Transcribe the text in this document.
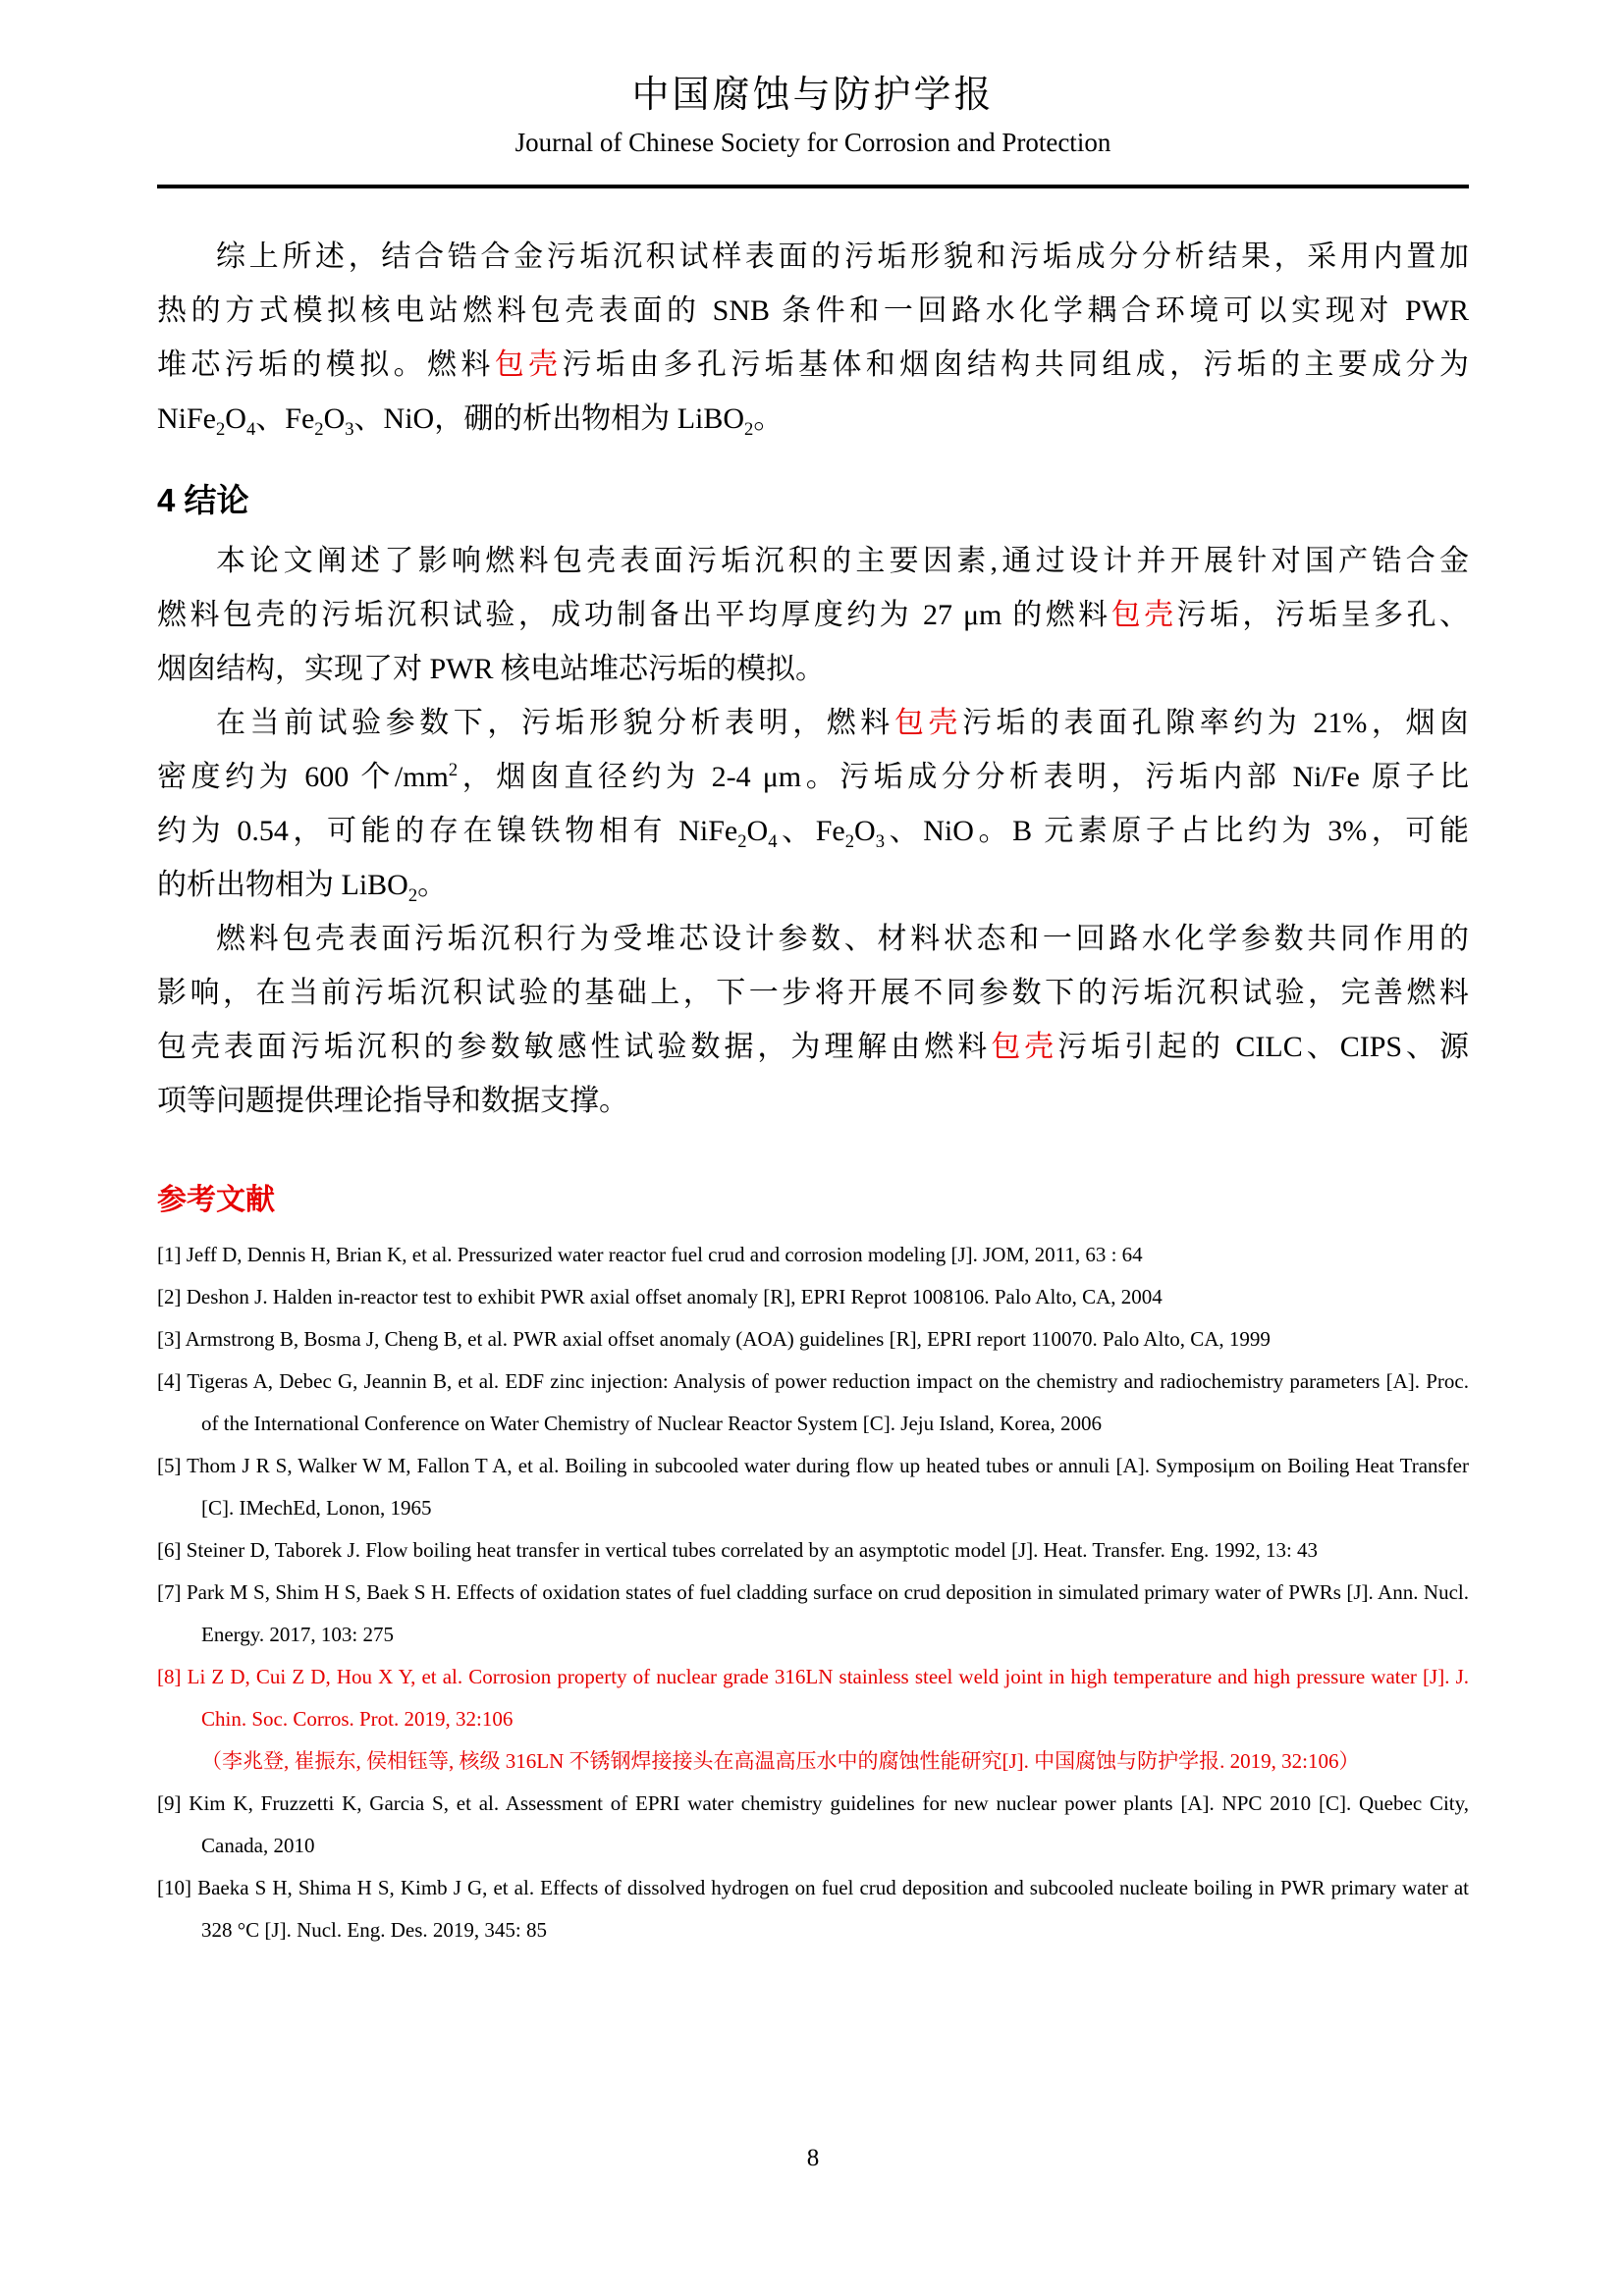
中国腐蚀与防护学报
Journal of Chinese Society for Corrosion and Protection
综上所述，结合锆合金污垢沉积试样表面的污垢形貌和污垢成分分析结果，采用内置加
热的方式模拟核电站燃料包壳表面的 SNB 条件和一回路水化学耦合环境可以实现对 PWR
堆芯污垢的模拟。燃料包壳污垢由多孔污垢基体和烟囱结构共同组成，污垢的主要成分为
$NiFe_2O_4$、$Fe_2O_3$、NiO，硼的析出物相为 LiBO$_2$。
4 结论
本论文阐述了影响燃料包壳表面污垢沉积的主要因素,通过设计并开展针对国产锆合金
燃料包壳的污垢沉积试验，成功制备出平均厚度约为 27 μm 的燃料包壳污垢，污垢呈多孔、
烟囱结构，实现了对 PWR 核电站堆芯污垢的模拟。
在当前试验参数下，污垢形貌分析表明，燃料包壳污垢的表面孔隙率约为 21%，烟囱
密度约为 600 个$/mm^2$，烟囱直径约为 2-4 μm。污垢成分分析表明，污垢内部 Ni/Fe 原子比
约为 0.54，可能的存在镍铁物相有 $NiFe_2O_4$、$Fe_2O_3$、NiO。B 元素原子占比约为 3%，可能
的析出物相为 LiBO$_2$。
燃料包壳表面污垢沉积行为受堆芯设计参数、材料状态和一回路水化学参数共同作用的
影响，在当前污垢沉积试验的基础上，下一步将开展不同参数下的污垢沉积试验，完善燃料
包壳表面污垢沉积的参数敏感性试验数据，为理解由燃料包壳污垢引起的 CILC、CIPS、源
项等问题提供理论指导和数据支撑。
参考文献
[1] Jeff D, Dennis H, Brian K, et al. Pressurized water reactor fuel crud and corrosion modeling [J]. JOM, 2011, 63 : 64
[2] Deshon J. Halden in-reactor test to exhibit PWR axial offset anomaly [R], EPRI Reprot 1008106. Palo Alto, CA, 2004
[3] Armstrong B, Bosma J, Cheng B, et al. PWR axial offset anomaly (AOA) guidelines [R], EPRI report 110070. Palo Alto, CA, 1999
[4] Tigeras A, Debec G, Jeannin B, et al. EDF zinc injection: Analysis of power reduction impact on the chemistry and radiochemistry parameters [A]. Proc. of the International Conference on Water Chemistry of Nuclear Reactor System [C]. Jeju Island, Korea, 2006
[5] Thom J R S, Walker W M, Fallon T A, et al. Boiling in subcooled water during flow up heated tubes or annuli [A]. Symposiμm on Boiling Heat Transfer [C]. IMechEd, Lonon, 1965
[6] Steiner D, Taborek J. Flow boiling heat transfer in vertical tubes correlated by an asymptotic model [J]. Heat. Transfer. Eng. 1992, 13: 43
[7] Park M S, Shim H S, Baek S H. Effects of oxidation states of fuel cladding surface on crud deposition in simulated primary water of PWRs [J]. Ann. Nucl. Energy. 2017, 103: 275
[8] Li Z D, Cui Z D, Hou X Y, et al. Corrosion property of nuclear grade 316LN stainless steel weld joint in high temperature and high pressure water [J]. J. Chin. Soc. Corros. Prot. 2019, 32:106
（李兆登, 崔振东, 侯相钰等, 核级 316LN 不锈钢焊接接头在高温高压水中的腐蚀性能研究[J]. 中国腐蚀与防护学报. 2019, 32:106）
[9] Kim K, Fruzzetti K, Garcia S, et al. Assessment of EPRI water chemistry guidelines for new nuclear power plants [A]. NPC 2010 [C]. Quebec City, Canada, 2010
[10] Baeka S H, Shima H S, Kimb J G, et al. Effects of dissolved hydrogen on fuel crud deposition and subcooled nucleate boiling in PWR primary water at 328 °C [J]. Nucl. Eng. Des. 2019, 345: 85
8
